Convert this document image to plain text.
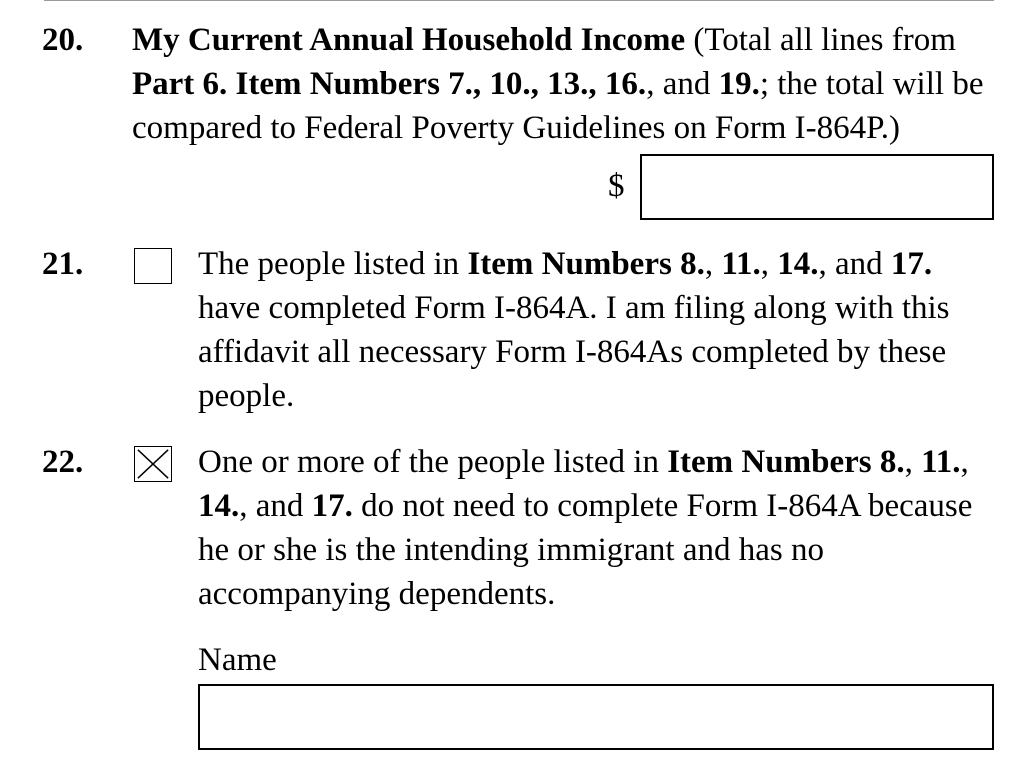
20. My Current Annual Household Income (Total all lines from Part 6. Item Numbers 7., 10., 13., 16., and 19.; the total will be compared to Federal Poverty Guidelines on Form I-864P.)
$
21.	The people listed in Item Numbers 8., 11., 14., and 17. have completed Form I-864A. I am filing along with this affidavit all necessary Form I-864As completed by these people.
22.	One or more of the people listed in Item Numbers 8., 11., 14., and 17. do not need to complete Form I-864A because he or she is the intending immigrant and has no accompanying dependents.
Name
